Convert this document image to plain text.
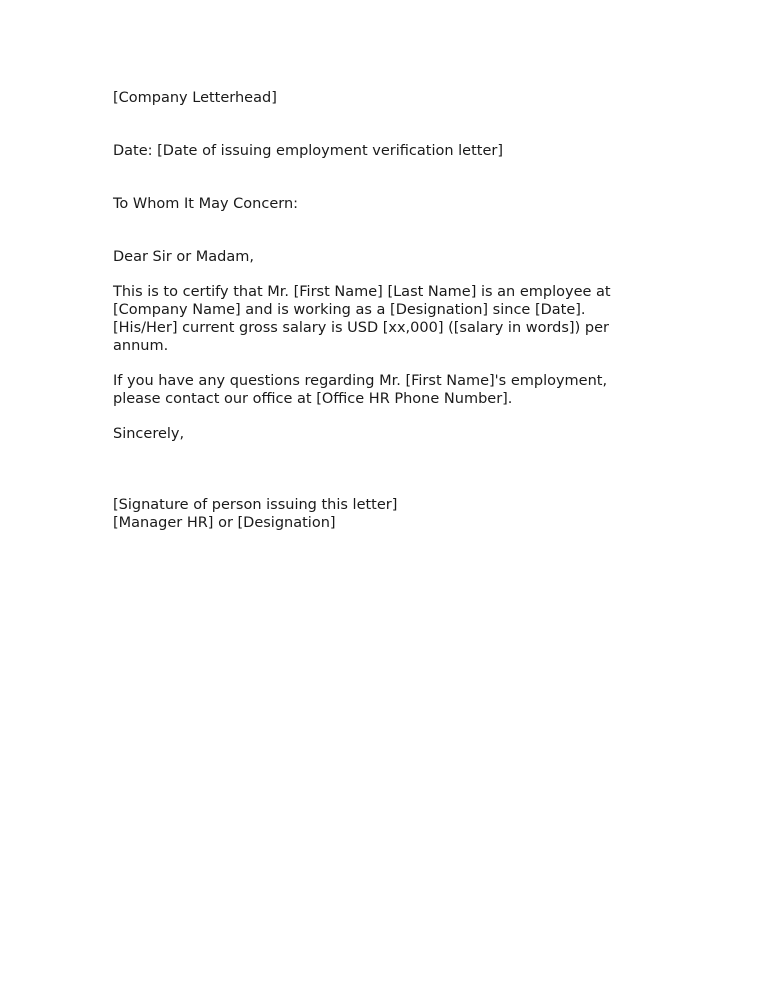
[Company Letterhead]

Date: [Date of issuing employment verification letter]

To Whom It May Concern:

Dear Sir or Madam,

This is to certify that Mr. [First Name] [Last Name] is an employee at
[Company Name] and is working as a [Designation] since [Date].
[His/Her] current gross salary is USD [xx,000] ([salary in words]) per
annum.

If you have any questions regarding Mr. [First Name]'s employment,
please contact our office at [Office HR Phone Number].

Sincerely,

[Signature of person issuing this letter]
[Manager HR] or [Designation]
